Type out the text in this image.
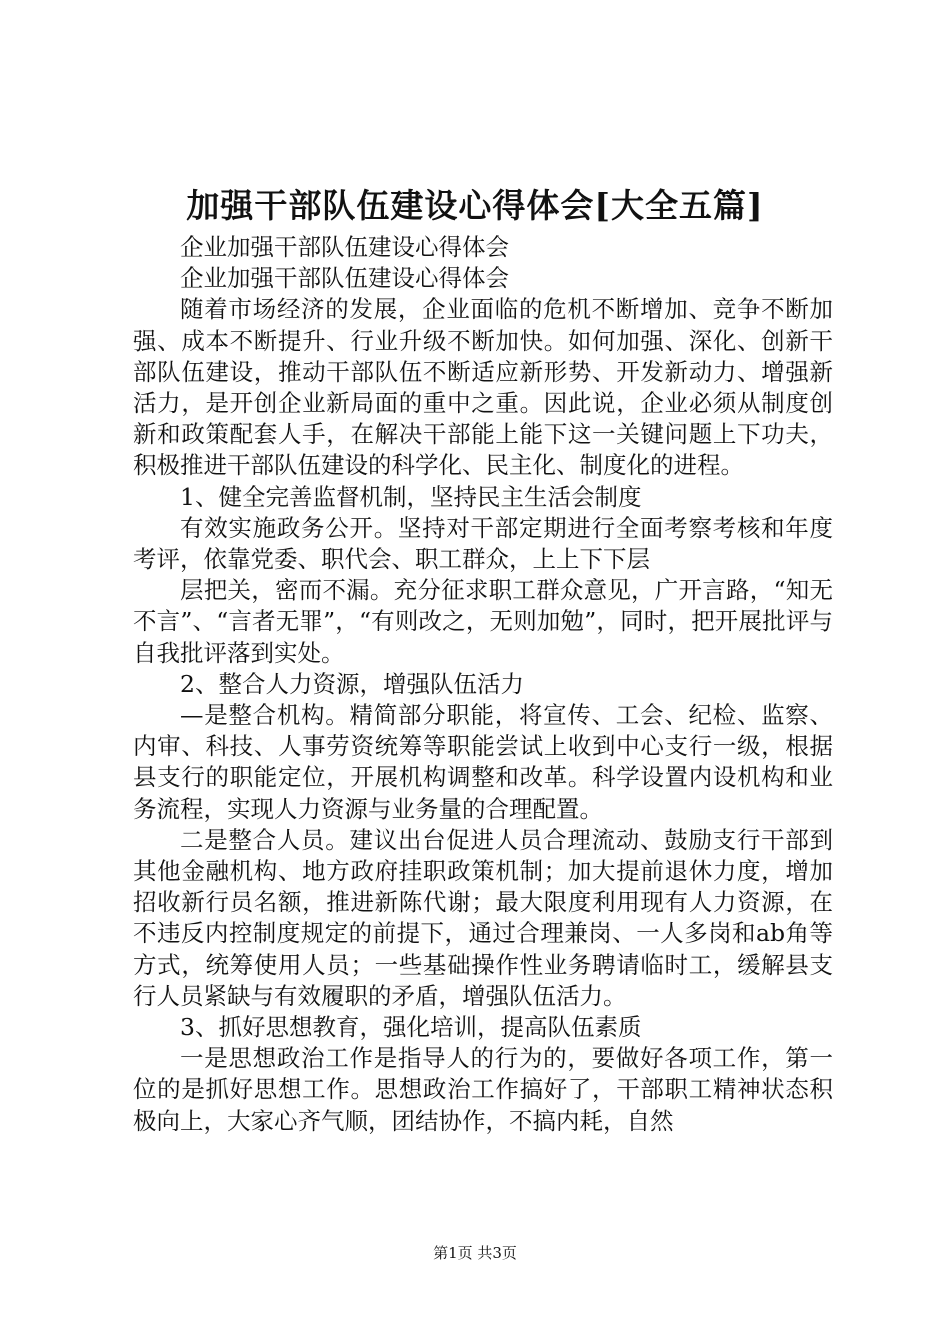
加强干部队伍建设心得体会[大全五篇]

企业加强干部队伍建设心得体会

企业加强干部队伍建设心得体会

随着市场经济的发展，企业面临的危机不断增加、竞争不断加强、成本不断提升、行业升级不断加快。如何加强、深化、创新干部队伍建设，推动干部队伍不断适应新形势、开发新动力、增强新活力，是开创企业新局面的重中之重。因此说，企业必须从制度创新和政策配套人手，在解决干部能上能下这一关键问题上下功夫，积极推进干部队伍建设的科学化、民主化、制度化的进程。

1、健全完善监督机制，坚持民主生活会制度

有效实施政务公开。坚持对干部定期进行全面考察考核和年度考评，依靠党委、职代会、职工群众，上上下下层

层把关，密而不漏。充分征求职工群众意见，广开言路，“知无不言”、“言者无罪”，“有则改之，无则加勉”，同时，把开展批评与自我批评落到实处。

2、整合人力资源，增强队伍活力

—是整合机构。精简部分职能，将宣传、工会、纪检、监察、内审、科技、人事劳资统筹等职能尝试上收到中心支行一级，根据县支行的职能定位，开展机构调整和改革。科学设置内设机构和业务流程，实现人力资源与业务量的合理配置。

二是整合人员。建议出台促进人员合理流动、鼓励支行干部到其他金融机构、地方政府挂职政策机制；加大提前退休力度，增加招收新行员名额，推进新陈代谢；最大限度利用现有人力资源，在不违反内控制度规定的前提下，通过合理兼岗、一人多岗和ab角等方式，统筹使用人员；一些基础操作性业务聘请临时工，缓解县支行人员紧缺与有效履职的矛盾，增强队伍活力。

3、抓好思想教育，强化培训，提高队伍素质

一是思想政治工作是指导人的行为的，要做好各项工作，第一位的是抓好思想工作。思想政治工作搞好了，干部职工精神状态积极向上，大家心齐气顺，团结协作，不搞内耗，自然

第1页 共3页
